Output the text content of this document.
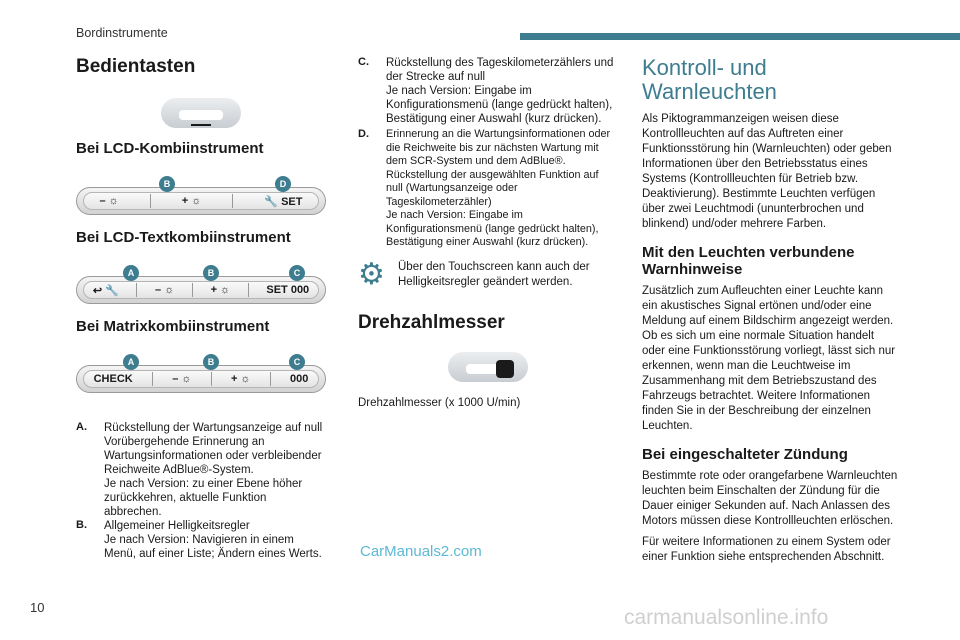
Bordinstrumente
Bedientasten
Bei LCD-Kombiinstrument
B	D
– ☼	+ ☼	🔧 SET
Bei LCD-Textkombiinstrument
A	B	C
↩ 🔧	– ☼	+ ☼	SET 000
Bei Matrixkombiinstrument
A	B	C
CHECK	– ☼	+ ☼	000
A.	Rückstellung der Wartungsanzeige auf null
Vorübergehende Erinnerung an Wartungsinformationen oder verbleibender Reichweite AdBlue®-System.
Je nach Version: zu einer Ebene höher zurückkehren, aktuelle Funktion abbrechen.
B.	Allgemeiner Helligkeitsregler
Je nach Version: Navigieren in einem Menü, auf einer Liste; Ändern eines Werts.
C.	Rückstellung des Tageskilometerzählers und der Strecke auf null
Je nach Version: Eingabe im Konfigurationsmenü (lange gedrückt halten), Bestätigung einer Auswahl (kurz drücken).
D.	Erinnerung an die Wartungsinformationen oder die Reichweite bis zur nächsten Wartung mit dem SCR-System und dem AdBlue®.
Rückstellung der ausgewählten Funktion auf null (Wartungsanzeige oder Tageskilometerzähler)
Je nach Version: Eingabe im Konfigurationsmenü (lange gedrückt halten), Bestätigung einer Auswahl (kurz drücken).
⚙	Über den Touchscreen kann auch der Helligkeitsregler geändert werden.
Drehzahlmesser
Drehzahlmesser (x 1000 U/min)
Kontroll- und Warnleuchten
Als Piktogrammanzeigen weisen diese Kontrollleuchten auf das Auftreten einer Funktionsstörung hin (Warnleuchten) oder geben Informationen über den Betriebsstatus eines Systems (Kontrollleuchten für Betrieb bzw. Deaktivierung). Bestimmte Leuchten verfügen über zwei Leuchtmodi (ununterbrochen und blinkend) und/oder mehrere Farben.
Mit den Leuchten verbundene Warnhinweise
Zusätzlich zum Aufleuchten einer Leuchte kann ein akustisches Signal ertönen und/oder eine Meldung auf einem Bildschirm angezeigt werden.
Ob es sich um eine normale Situation handelt oder eine Funktionsstörung vorliegt, lässt sich nur erkennen, wenn man die Leuchtweise im Zusammenhang mit dem Betriebszustand des Fahrzeugs betrachtet. Weitere Informationen finden Sie in der Beschreibung der einzelnen Leuchten.
Bei eingeschalteter Zündung
Bestimmte rote oder orangefarbene Warnleuchten leuchten beim Einschalten der Zündung für die Dauer einiger Sekunden auf. Nach Anlassen des Motors müssen diese Kontrollleuchten erlöschen.
Für weitere Informationen zu einem System oder einer Funktion siehe entsprechenden Abschnitt.
10
CarManuals2.com
carmanualsonline.info
